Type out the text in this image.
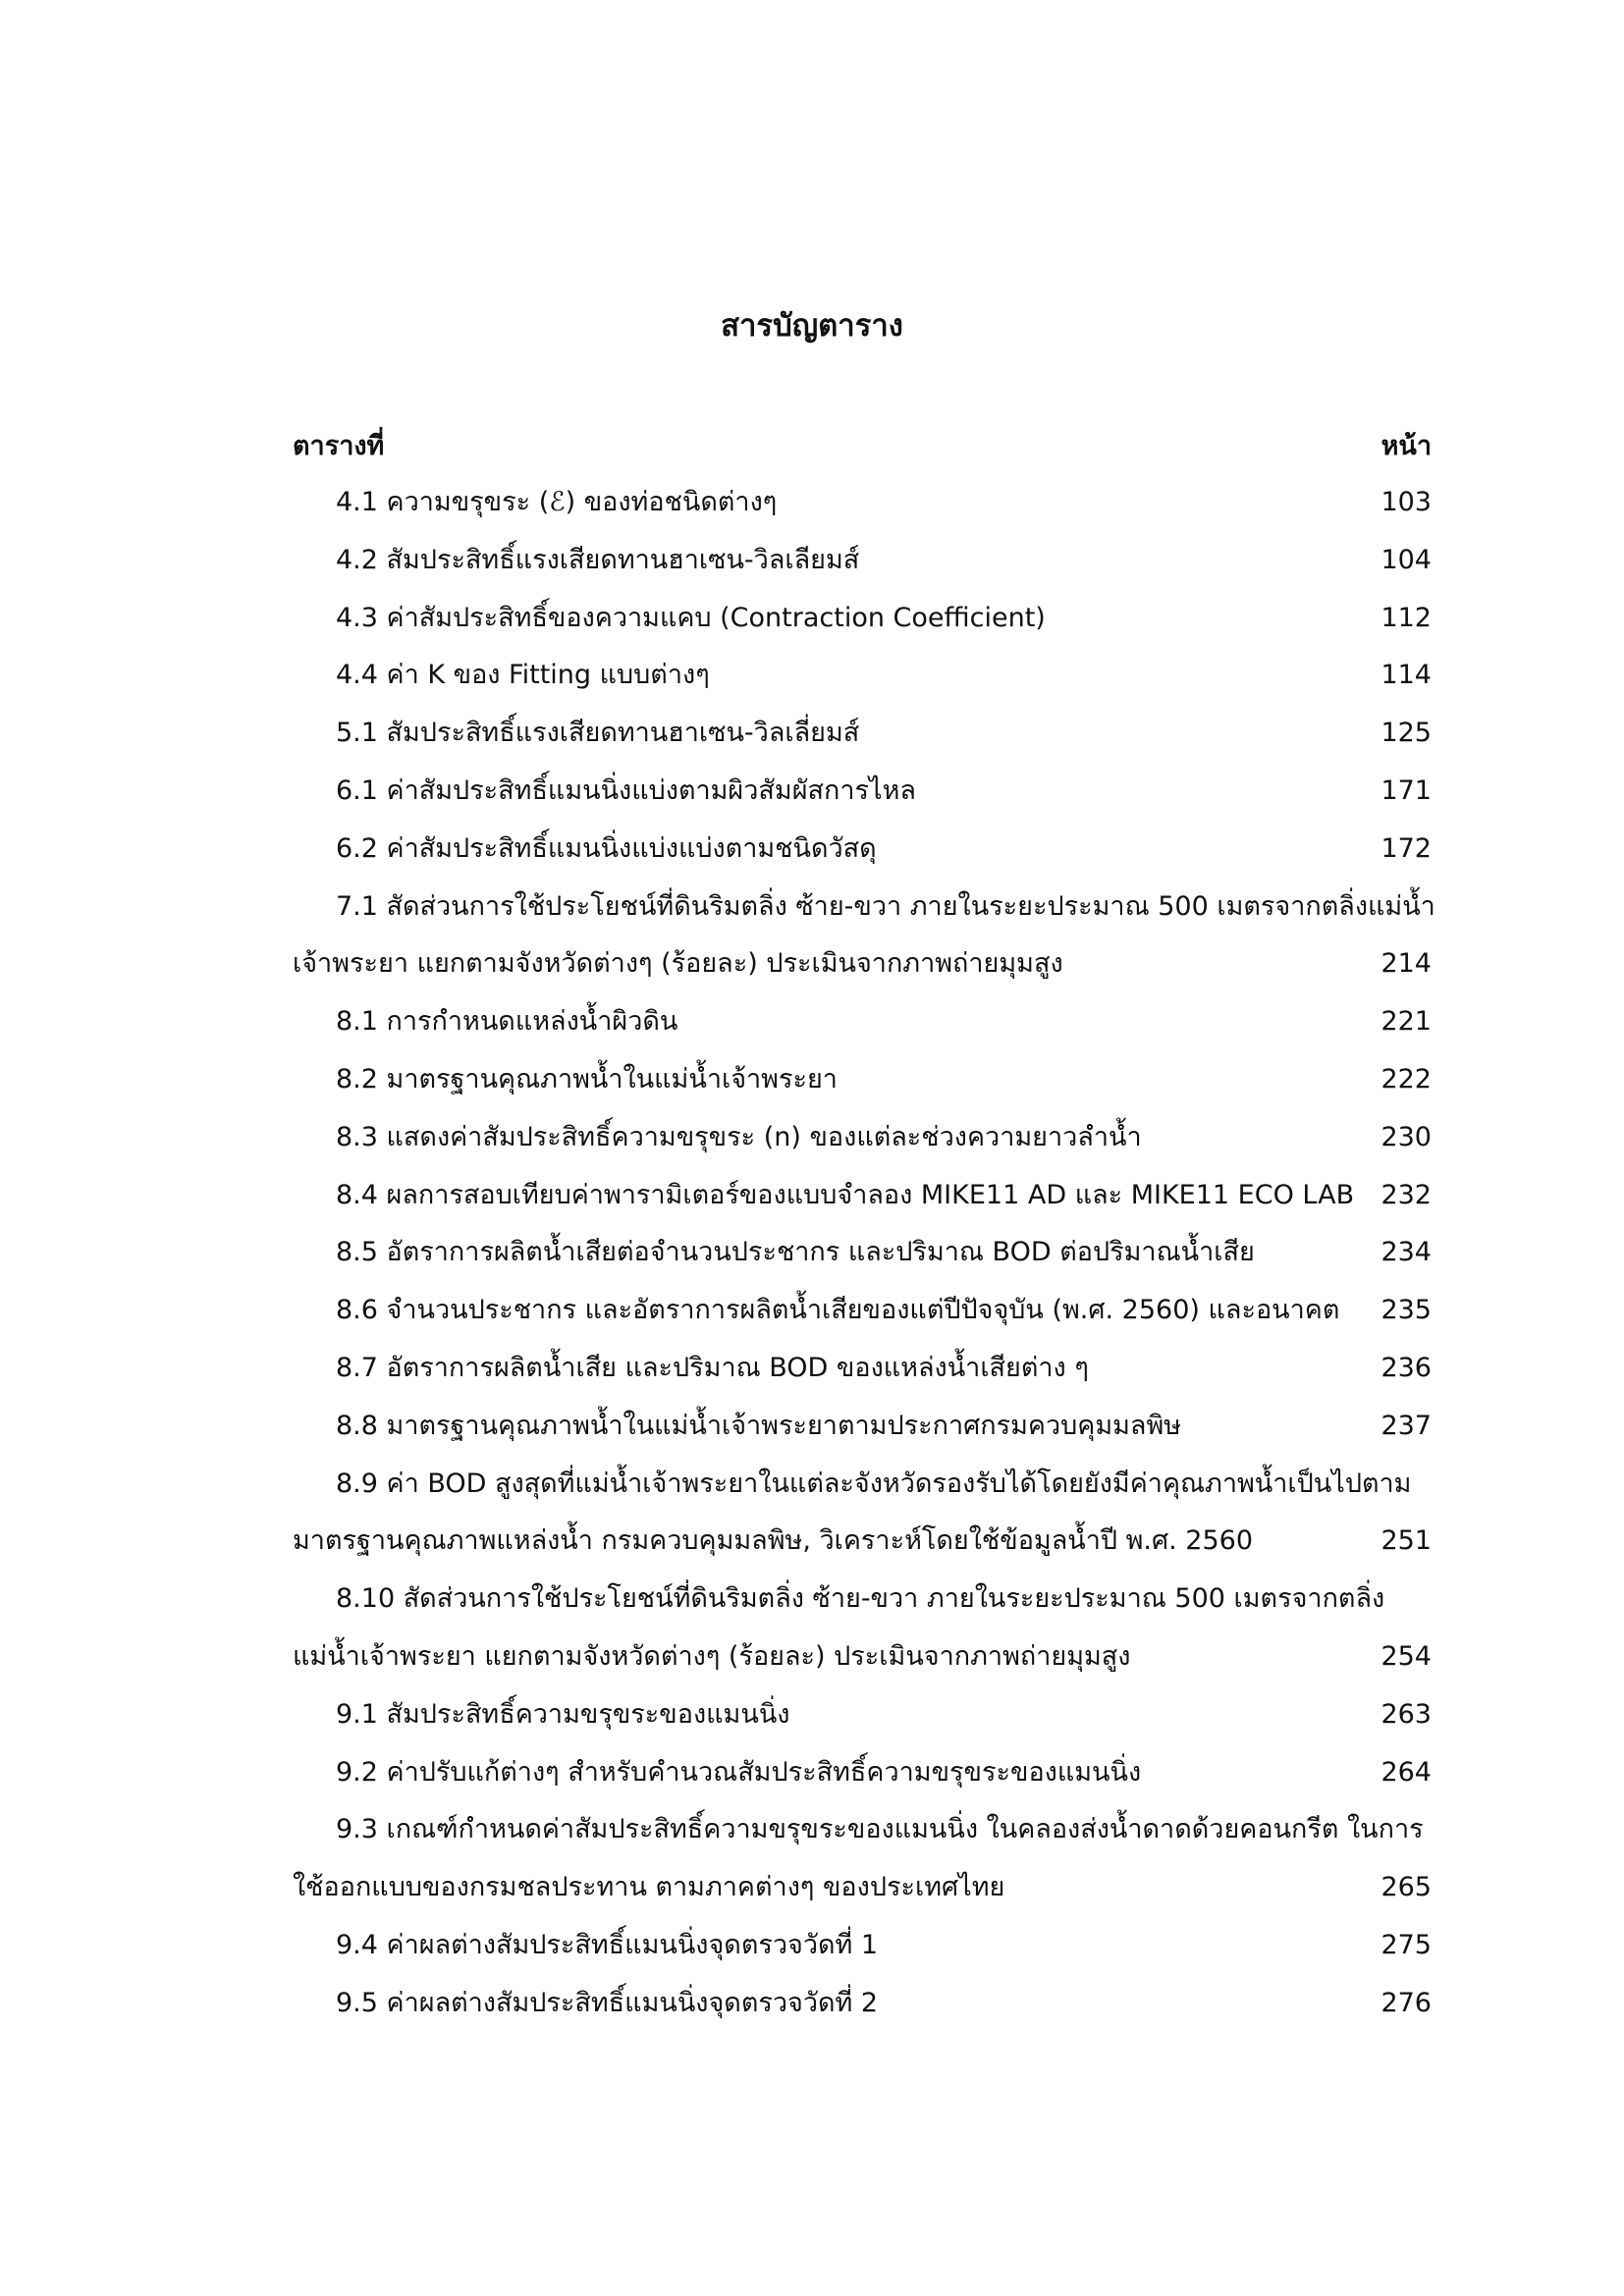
สารบัญตาราง
ตารางที่	หน้า
4.1 ความขรุขระ (ℰ) ของท่อชนิดต่างๆ	103
4.2 สัมประสิทธิ์แรงเสียดทานฮาเซน-วิลเลียมส์	104
4.3 ค่าสัมประสิทธิ์ของความแคบ (Contraction Coefficient)	112
4.4 ค่า K ของ Fitting แบบต่างๆ	114
5.1 สัมประสิทธิ์แรงเสียดทานฮาเซน-วิลเลี่ยมส์	125
6.1 ค่าสัมประสิทธิ์แมนนิ่งแบ่งตามผิวสัมผัสการไหล	171
6.2 ค่าสัมประสิทธิ์แมนนิ่งแบ่งแบ่งตามชนิดวัสดุ	172
7.1 สัดส่วนการใช้ประโยชน์ที่ดินริมตลิ่ง ซ้าย-ขวา ภายในระยะประมาณ 500 เมตรจากตลิ่งแม่น้ำ
เจ้าพระยา แยกตามจังหวัดต่างๆ (ร้อยละ) ประเมินจากภาพถ่ายมุมสูง	214
8.1 การกำหนดแหล่งน้ำผิวดิน	221
8.2 มาตรฐานคุณภาพน้ำในแม่น้ำเจ้าพระยา	222
8.3 แสดงค่าสัมประสิทธิ์ความขรุขระ (n) ของแต่ละช่วงความยาวลำน้ำ	230
8.4 ผลการสอบเทียบค่าพารามิเตอร์ของแบบจำลอง MIKE11 AD และ MIKE11 ECO LAB 232
8.5 อัตราการผลิตน้ำเสียต่อจำนวนประชากร และปริมาณ BOD ต่อปริมาณน้ำเสีย	234
8.6 จำนวนประชากร และอัตราการผลิตน้ำเสียของแต่ปีปัจจุบัน (พ.ศ. 2560) และอนาคต 235
8.7 อัตราการผลิตน้ำเสีย และปริมาณ BOD ของแหล่งน้ำเสียต่าง ๆ	236
8.8 มาตรฐานคุณภาพน้ำในแม่น้ำเจ้าพระยาตามประกาศกรมควบคุมมลพิษ	237
8.9 ค่า BOD สูงสุดที่แม่น้ำเจ้าพระยาในแต่ละจังหวัดรองรับได้โดยยังมีค่าคุณภาพน้ำเป็นไปตาม
มาตรฐานคุณภาพแหล่งน้ำ กรมควบคุมมลพิษ, วิเคราะห์โดยใช้ข้อมูลน้ำปี พ.ศ. 2560	251
8.10 สัดส่วนการใช้ประโยชน์ที่ดินริมตลิ่ง ซ้าย-ขวา ภายในระยะประมาณ 500 เมตรจากตลิ่ง
แม่น้ำเจ้าพระยา แยกตามจังหวัดต่างๆ (ร้อยละ) ประเมินจากภาพถ่ายมุมสูง	254
9.1 สัมประสิทธิ์ความขรุขระของแมนนิ่ง	263
9.2 ค่าปรับแก้ต่างๆ สำหรับคำนวณสัมประสิทธิ์ความขรุขระของแมนนิ่ง	264
9.3 เกณฑ์กำหนดค่าสัมประสิทธิ์ความขรุขระของแมนนิ่ง ในคลองส่งน้ำดาดด้วยคอนกรีต ในการ
ใช้ออกแบบของกรมชลประทาน ตามภาคต่างๆ ของประเทศไทย	265
9.4 ค่าผลต่างสัมประสิทธิ์แมนนิ่งจุดตรวจวัดที่ 1	275
9.5 ค่าผลต่างสัมประสิทธิ์แมนนิ่งจุดตรวจวัดที่ 2	276
